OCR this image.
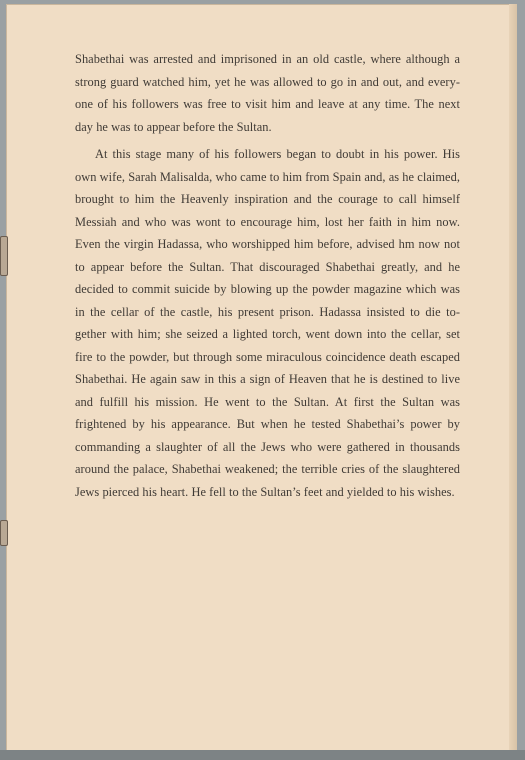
Shabethai was arrested and imprisoned in an old castle, where although a strong guard watched him, yet he was allowed to go in and out, and every-one of his followers was free to visit him and leave at any time. The next day he was to appear before the Sultan.

At this stage many of his followers began to doubt in his power. His own wife, Sarah Malisalda, who came to him from Spain and, as he claimed, brought to him the Heavenly inspiration and the courage to call himself Messiah and who was wont to encourage him, lost her faith in him now. Even the virgin Hadassa, who worshipped him before, advised hm now not to appear before the Sultan. That discouraged Shabethai greatly, and he decided to commit suicide by blowing up the powder magazine which was in the cellar of the castle, his present prison. Hadassa insisted to die to-gether with him; she seized a lighted torch, went down into the cellar, set fire to the powder, but through some miraculous coincidence death escaped Shabethai. He again saw in this a sign of Heaven that he is destined to live and fulfill his mission. He went to the Sultan. At first the Sultan was frightened by his appearance. But when he tested Shabethai’s power by commanding a slaughter of all the Jews who were gathered in thousands around the palace, Shabethai weakened; the terrible cries of the slaughtered Jews pierced his heart. He fell to the Sultan’s feet and yielded to his wishes.
